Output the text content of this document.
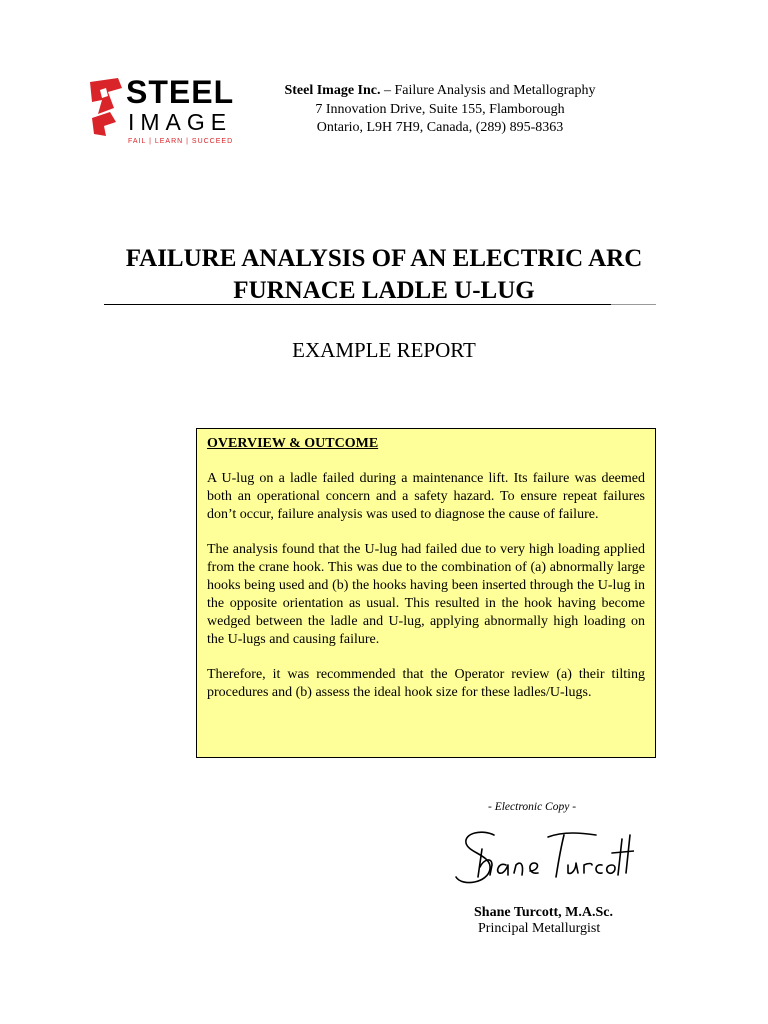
STEEL
IMAGE
FAIL | LEARN | SUCCEED
Steel Image Inc. – Failure Analysis and Metallography
7 Innovation Drive, Suite 155, Flamborough
Ontario, L9H 7H9, Canada, (289) 895-8363
FAILURE ANALYSIS OF AN ELECTRIC ARC
FURNACE LADLE U-LUG
EXAMPLE REPORT
OVERVIEW & OUTCOME

A U-lug on a ladle failed during a maintenance lift. Its failure was deemed both an operational concern and a safety hazard. To ensure repeat failures don’t occur, failure analysis was used to diagnose the cause of failure.

The analysis found that the U-lug had failed due to very high loading applied from the crane hook. This was due to the combination of (a) abnormally large hooks being used and (b) the hooks having been inserted through the U-lug in the opposite orientation as usual. This resulted in the hook having become wedged between the ladle and U-lug, applying abnormally high loading on the U-lugs and causing failure.

Therefore, it was recommended that the Operator review (a) their tilting procedures and (b) assess the ideal hook size for these ladles/U-lugs.

- Electronic Copy -
Shane Turcott, M.A.Sc.
Principal Metallurgist
